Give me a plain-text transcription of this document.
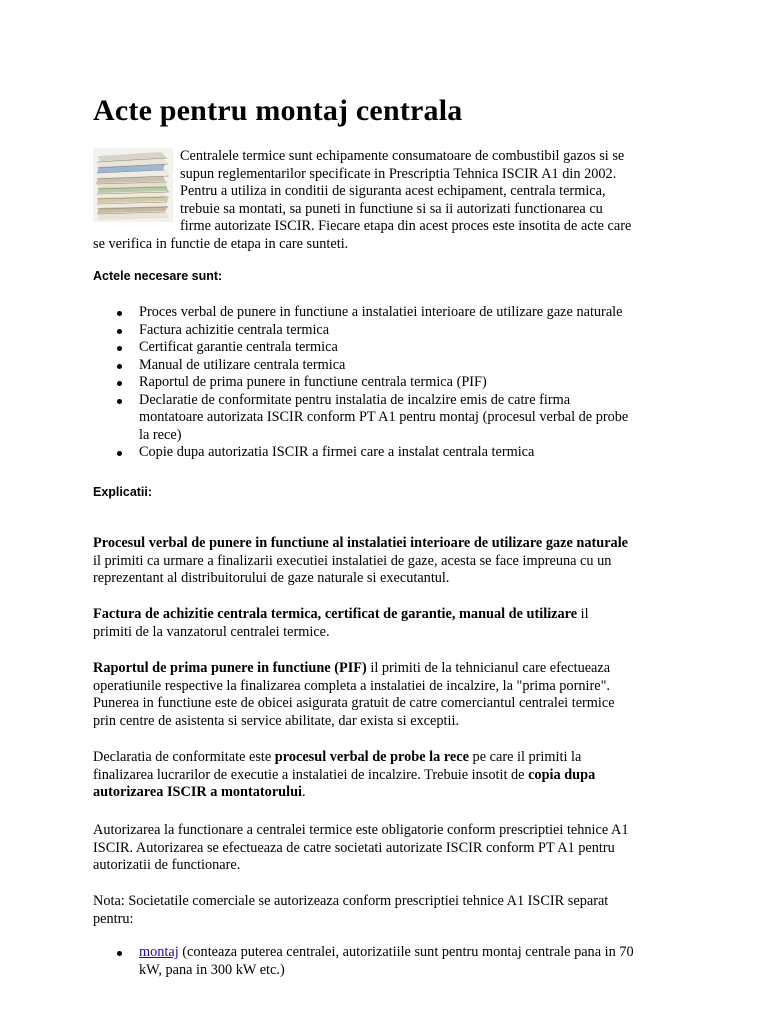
Acte pentru montaj centrala
Centralele termice sunt echipamente consumatoare de combustibil gazos si se
supun reglementarilor specificate in Prescriptia Tehnica ISCIR A1 din 2002.
Pentru a utiliza in conditii de siguranta acest echipament, centrala termica,
trebuie sa montati, sa puneti in functiune si sa ii autorizati functionarea cu
firme autorizate ISCIR. Fiecare etapa din acest proces este insotita de acte care
se verifica in functie de etapa in care sunteti.

Actele necesare sunt:

Proces verbal de punere in functiune a instalatiei interioare de utilizare gaze naturale
Factura achizitie centrala termica
Certificat garantie centrala termica
Manual de utilizare centrala termica
Raportul de prima punere in functiune centrala termica (PIF)
Declaratie de conformitate pentru instalatia de incalzire emis de catre firma
montatoare autorizata ISCIR conform PT A1 pentru montaj (procesul verbal de probe
la rece)
Copie dupa autorizatia ISCIR a firmei care a instalat centrala termica

Explicatii:

Procesul verbal de punere in functiune al instalatiei interioare de utilizare gaze naturale
il primiti ca urmare a finalizarii executiei instalatiei de gaze, acesta se face impreuna cu un
reprezentant al distribuitorului de gaze naturale si executantul.
Factura de achizitie centrala termica, certificat de garantie, manual de utilizare il
primiti de la vanzatorul centralei termice.
Raportul de prima punere in functiune (PIF) il primiti de la tehnicianul care efectueaza
operatiunile respective la finalizarea completa a instalatiei de incalzire, la "prima pornire".
Punerea in functiune este de obicei asigurata gratuit de catre comerciantul centralei termice
prin centre de asistenta si service abilitate, dar exista si exceptii.
Declaratia de conformitate este procesul verbal de probe la rece pe care il primiti la
finalizarea lucrarilor de executie a instalatiei de incalzire. Trebuie insotit de copia dupa
autorizarea ISCIR a montatorului.
Autorizarea la functionare a centralei termice este obligatorie conform prescriptiei tehnice A1
ISCIR. Autorizarea se efectueaza de catre societati autorizate ISCIR conform PT A1 pentru
autorizatii de functionare.
Nota: Societatile comerciale se autorizeaza conform prescriptiei tehnice A1 ISCIR separat
pentru:
montaj (conteaza puterea centralei, autorizatiile sunt pentru montaj centrale pana in 70
kW, pana in 300 kW etc.)
